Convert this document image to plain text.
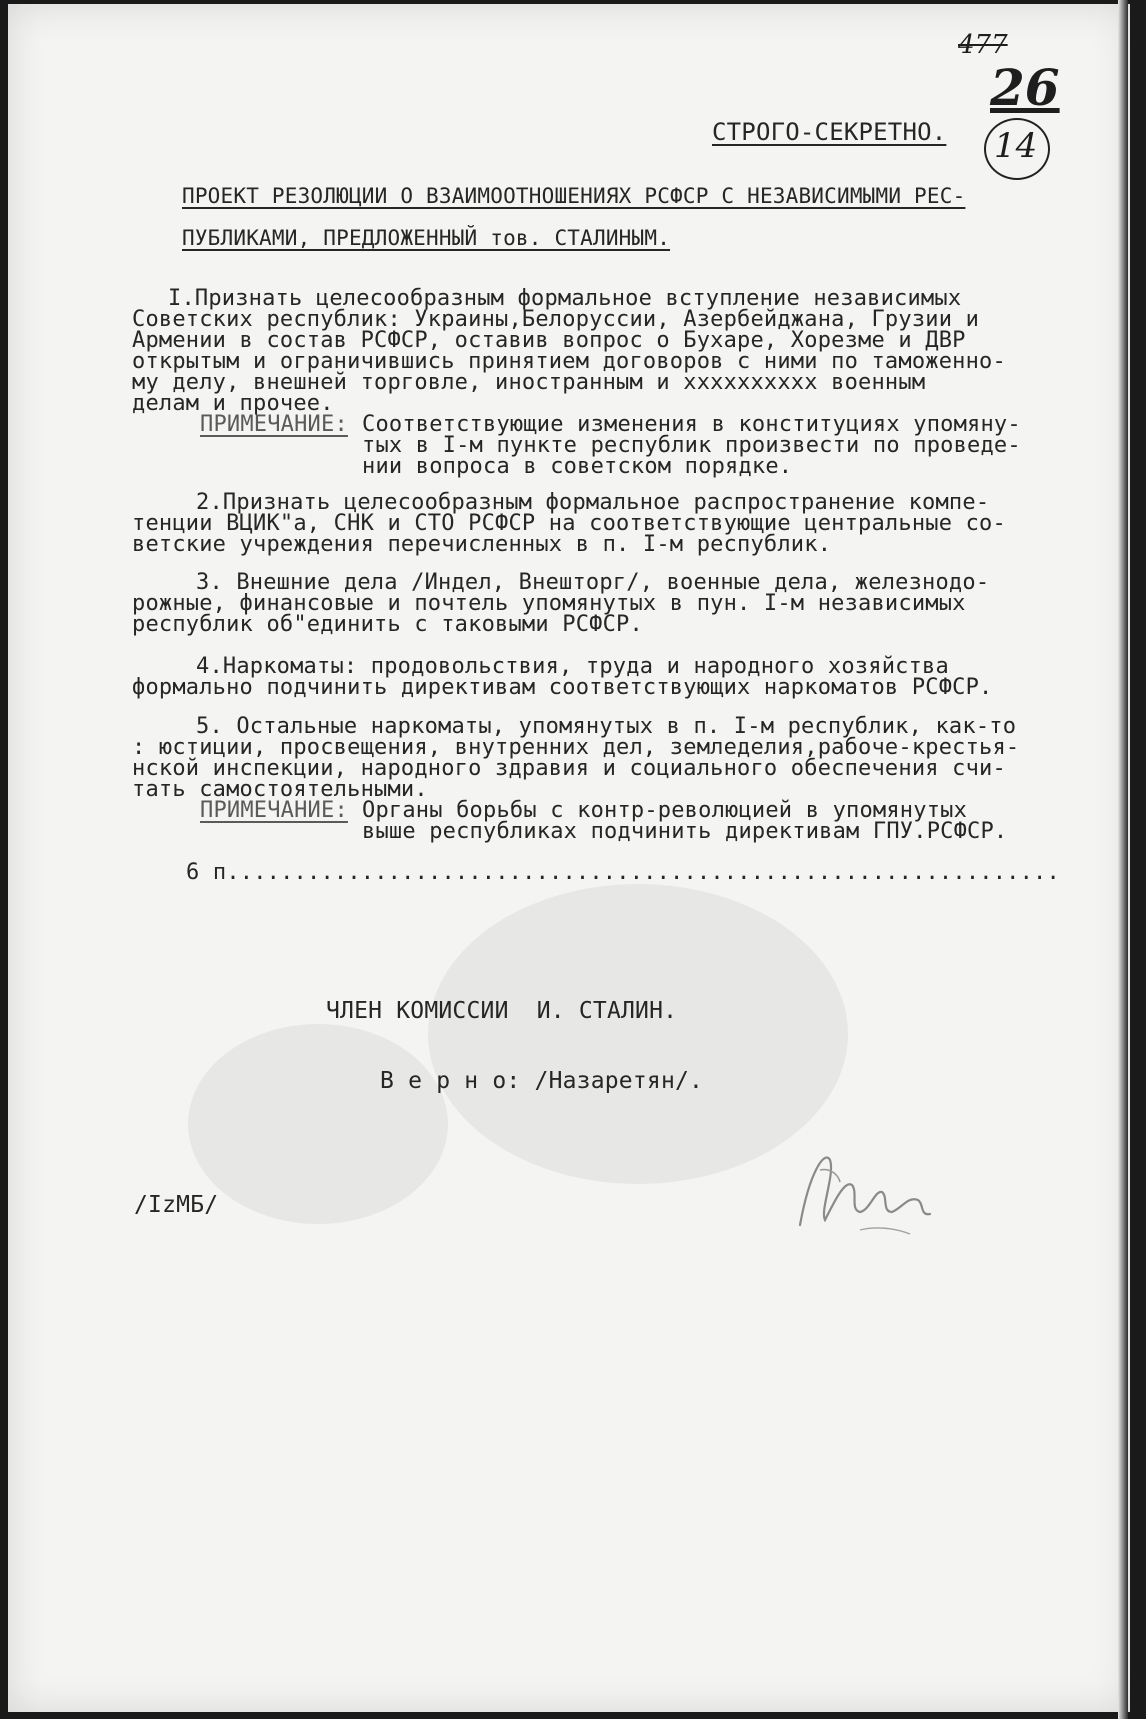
477
26
14
СТРОГО-СЕКРЕТНО.
ПРОЕКТ РЕЗОЛЮЦИИ О ВЗАИМООТНОШЕНИЯХ РСФСР С НЕЗАВИСИМЫМИ РЕС-
ПУБЛИКАМИ, ПРЕДЛОЖЕННЫЙ тов. СТАЛИНЫМ.
I.Признать целесообразным формальное вступление независимых
Советских республик: Украины,Белоруссии, Азербейджана, Грузии и
Армении в состав РСФСР, оставив вопрос о Бухаре, Хорезме и ДВР
открытым и ограничившись принятием договоров с ними по таможенно-
му делу, внешней торговле, иностранным и хххххххххх военным
делам и прочее.
ПРИМЕЧАНИЕ: Соответствующие изменения в конституциях упомяну-
тых в I-м пункте республик произвести по проведе-
нии вопроса в советском порядке.
2.Признать целесообразным формальное распространение компе-
тенции ВЦИК"а, СНК и СТО РСФСР на соответствующие центральные со-
ветские учреждения перечисленных в п. I-м республик.
3. Внешние дела /Индел, Внешторг/, военные дела, железнодо-
рожные, финансовые и почтель упомянутых в пун. I-м независимых
республик об"единить с таковыми РСФСР.
4.Наркоматы: продовольствия, труда и народного хозяйства
формально подчинить директивам соответствующих наркоматов РСФСР.
5. Остальные наркоматы, упомянутых в п. I-м республик, как-то
: юстиции, просвещения, внутренних дел, земледелия,рабоче-крестья-
нской инспекции, народного здравия и социального обеспечения счи-
тать самостоятельными.
ПРИМЕЧАНИЕ: Органы борьбы с контр-революцией в упомянутых
выше республиках подчинить директивам ГПУ.РСФСР.
6 п..............................................................
ЧЛЕН КОМИССИИ  И. СТАЛИН.
В е р н о: /Назаретян/.
/IzМБ/
